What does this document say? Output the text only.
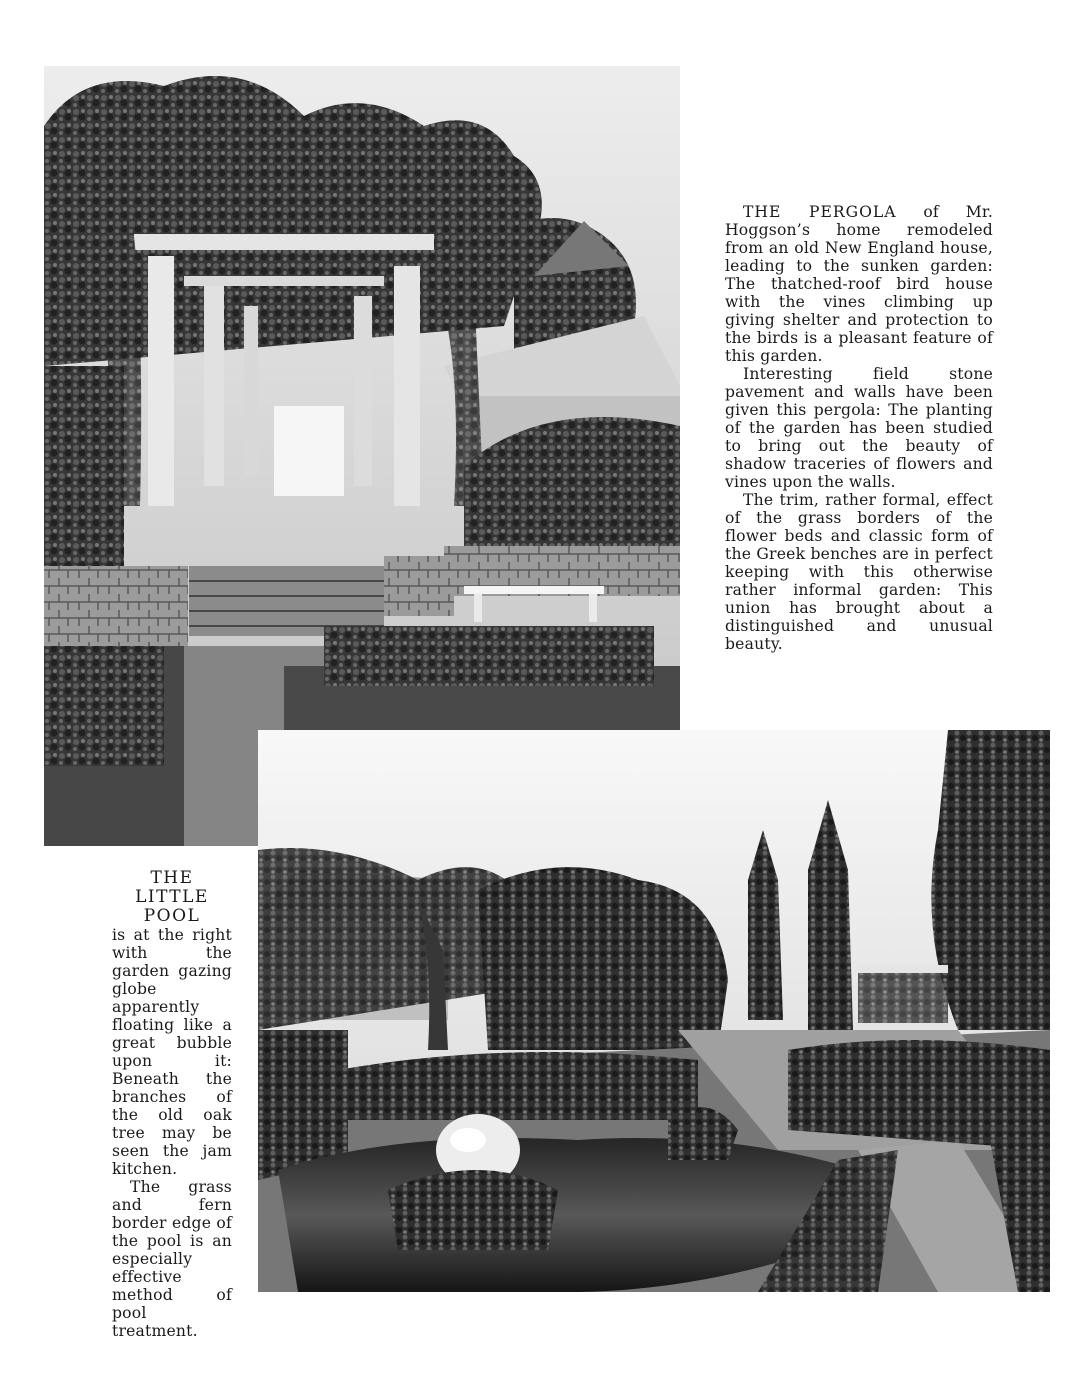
THE PERGOLA of Mr. Hoggson’s home remodeled from an old New England house, leading to the sunken garden: The thatched-roof bird house with the vines climbing up giving shelter and protection to the birds is a pleasant feature of this garden.

Interesting field stone pavement and walls have been given this pergola: The planting of the garden has been studied to bring out the beauty of shadow traceries of flowers and vines upon the walls.

The trim, rather formal, effect of the grass borders of the flower beds and classic form of the Greek benches are in perfect keeping with this otherwise rather informal garden: This union has brought about a distinguished and unusual beauty.

THE LITTLE POOL

is at the right with the garden gazing globe apparently floating like a great bubble upon it: Beneath the branches of the old oak tree may be seen the jam kitchen.

The grass and fern border edge of the pool is an especially effective method of pool treatment.
